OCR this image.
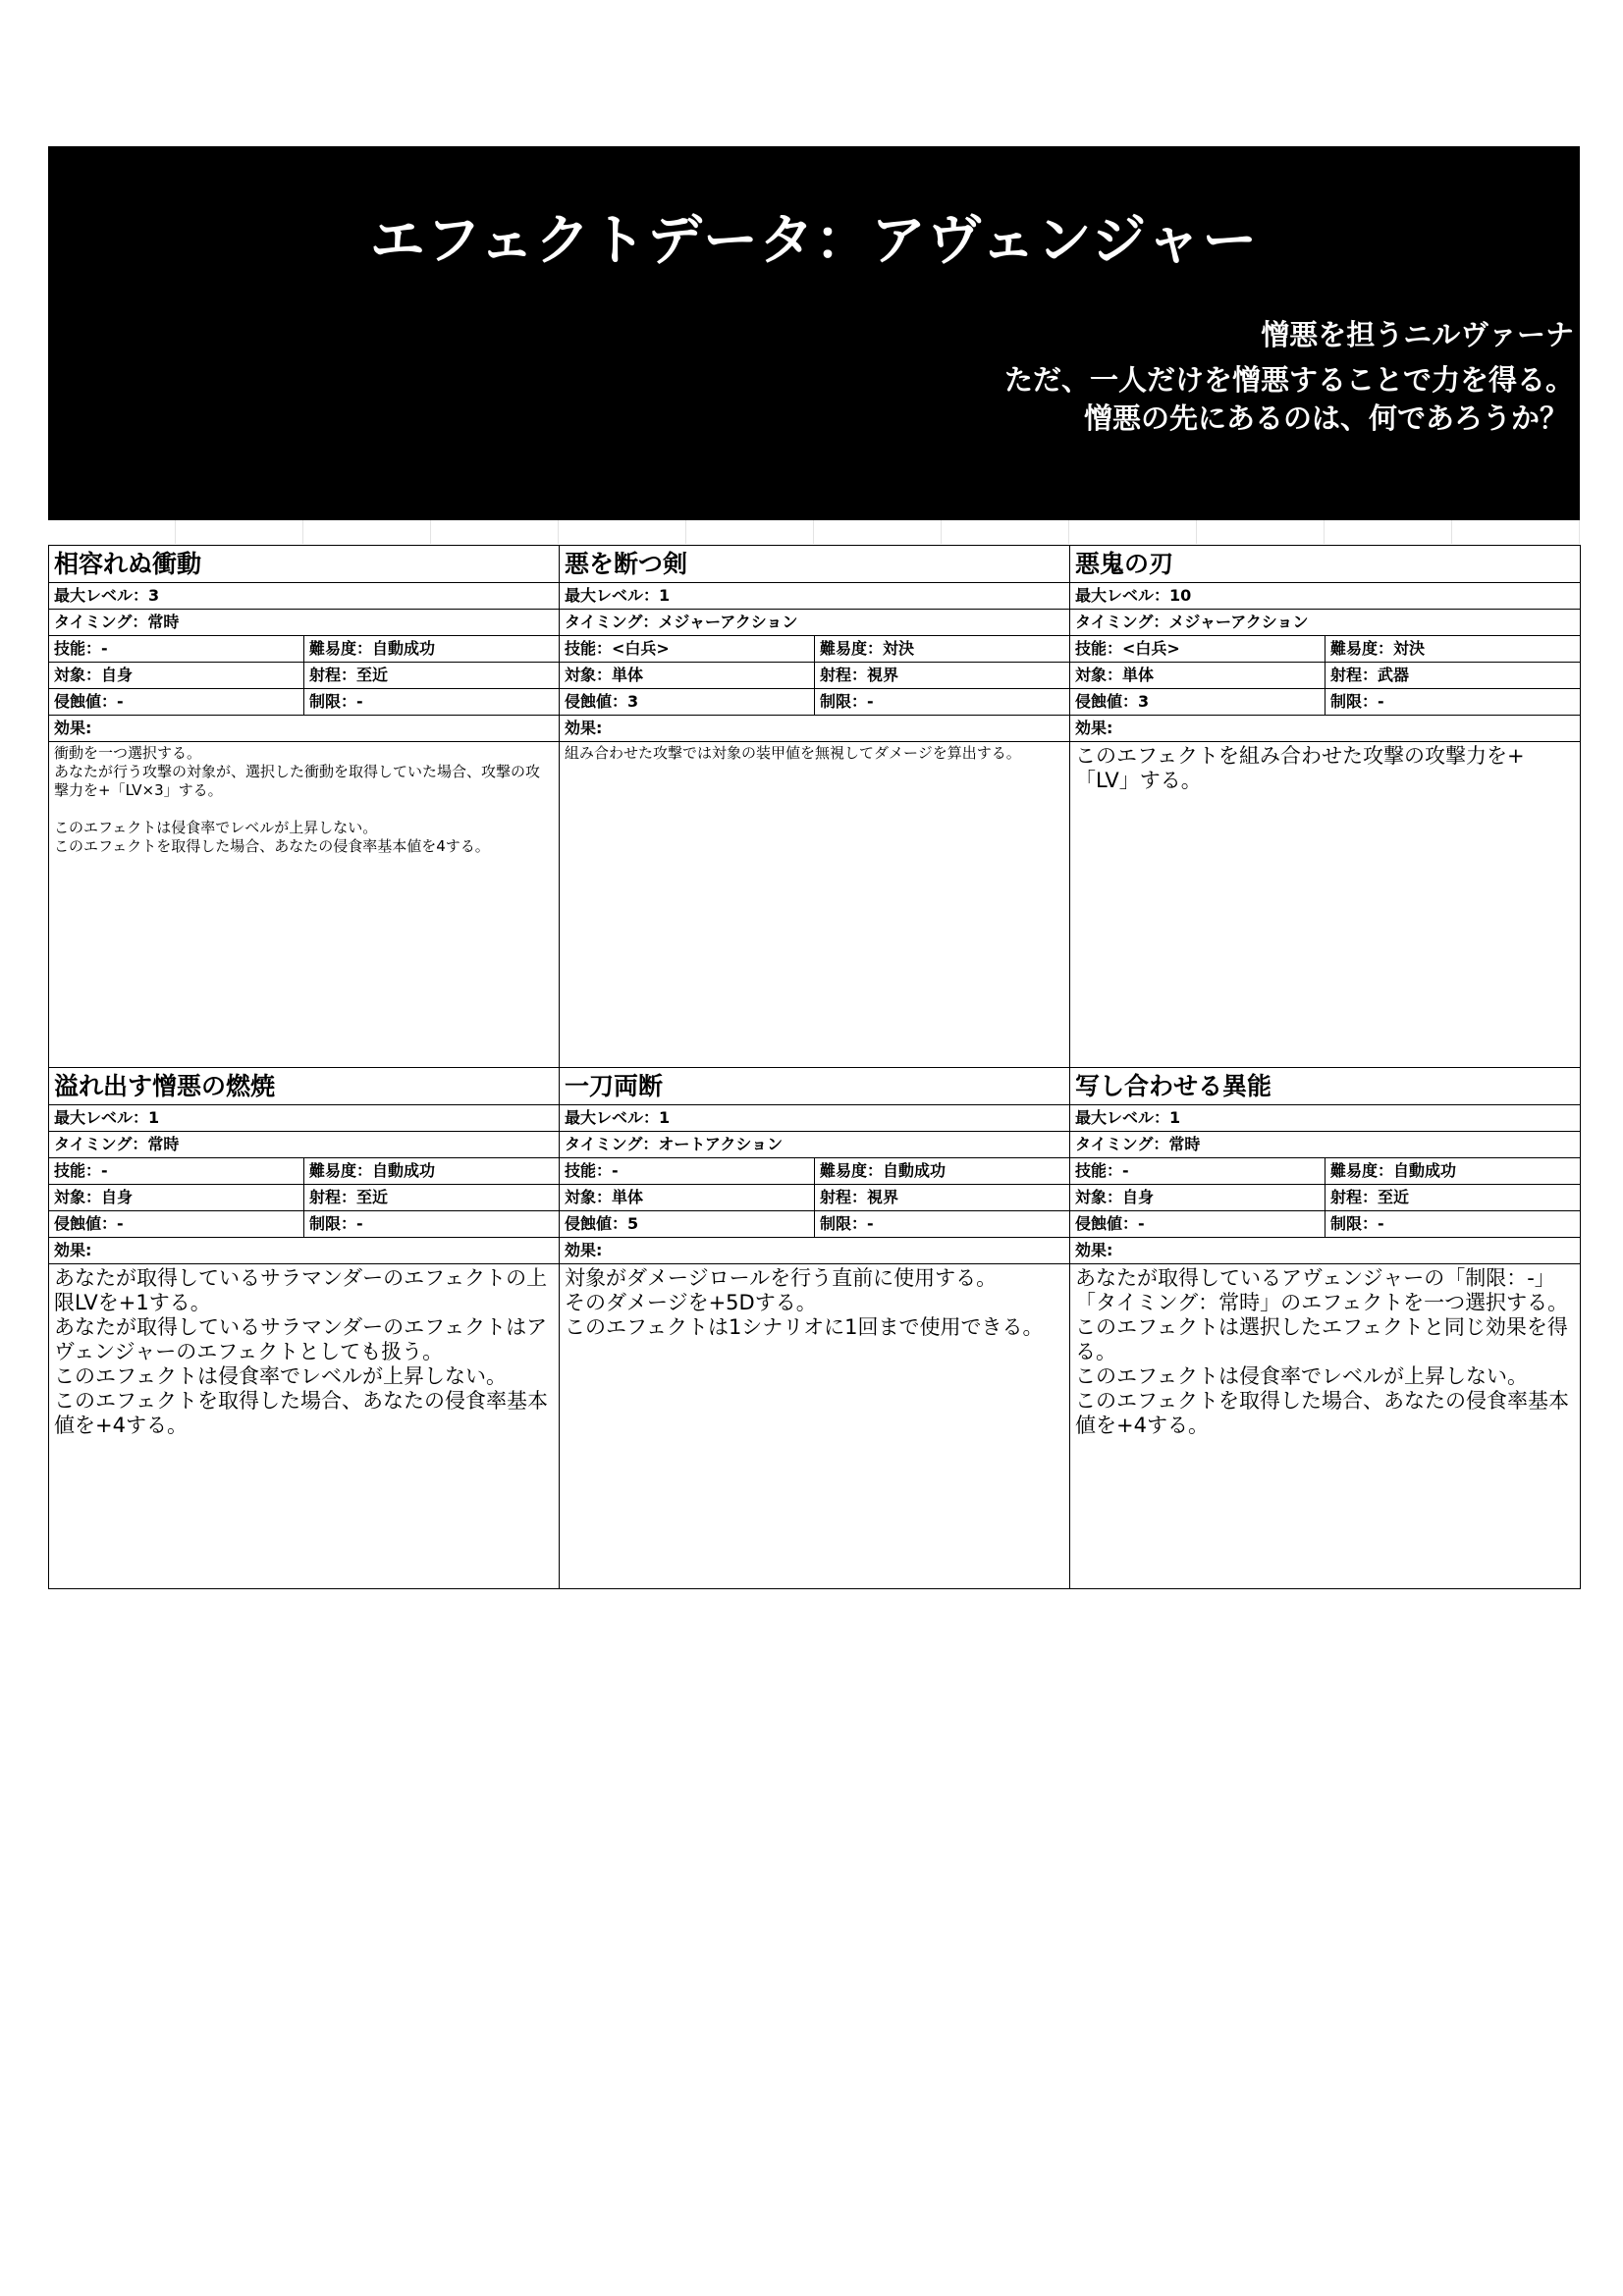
エフェクトデータ：アヴェンジャー
憎悪を担うニルヴァーナ
ただ、一人だけを憎悪することで力を得る。
憎悪の先にあるのは、何であろうか？
相容れぬ衝動
最大レベル：3
タイミング：常時
技能：‐	難易度：自動成功
対象：自身	射程：至近
侵蝕値：‐	制限：‐
効果:
衝動を一つ選択する。
あなたが行う攻撃の対象が、選択した衝動を取得していた場合、攻撃の攻撃力を+「LV×3」する。

このエフェクトは侵食率でレベルが上昇しない。
このエフェクトを取得した場合、あなたの侵食率基本値を4する。
悪を断つ剣
最大レベル：1
タイミング：メジャーアクション
技能：<白兵>	難易度：対決
対象：単体	射程：視界
侵蝕値：3	制限：‐
効果:
組み合わせた攻撃では対象の装甲値を無視してダメージを算出する。
悪鬼の刃
最大レベル：10
タイミング：メジャーアクション
技能：<白兵>	難易度：対決
対象：単体	射程：武器
侵蝕値：3	制限：‐
効果:
このエフェクトを組み合わせた攻撃の攻撃力を+「LV」する。
溢れ出す憎悪の燃焼
最大レベル：1
タイミング：常時
技能：‐	難易度：自動成功
対象：自身	射程：至近
侵蝕値：‐	制限：‐
効果:
あなたが取得しているサラマンダーのエフェクトの上限LVを+1する。
あなたが取得しているサラマンダーのエフェクトはアヴェンジャーのエフェクトとしても扱う。
このエフェクトは侵食率でレベルが上昇しない。
このエフェクトを取得した場合、あなたの侵食率基本値を+4する。
一刀両断
最大レベル：1
タイミング：オートアクション
技能：‐	難易度：自動成功
対象：単体	射程：視界
侵蝕値：5	制限：‐
効果:
対象がダメージロールを行う直前に使用する。
そのダメージを+5Dする。
このエフェクトは1シナリオに1回まで使用できる。
写し合わせる異能
最大レベル：1
タイミング：常時
技能：‐	難易度：自動成功
対象：自身	射程：至近
侵蝕値：‐	制限：‐
効果:
あなたが取得しているアヴェンジャーの「制限：‐」「タイミング：常時」のエフェクトを一つ選択する。
このエフェクトは選択したエフェクトと同じ効果を得る。
このエフェクトは侵食率でレベルが上昇しない。
このエフェクトを取得した場合、あなたの侵食率基本値を+4する。
